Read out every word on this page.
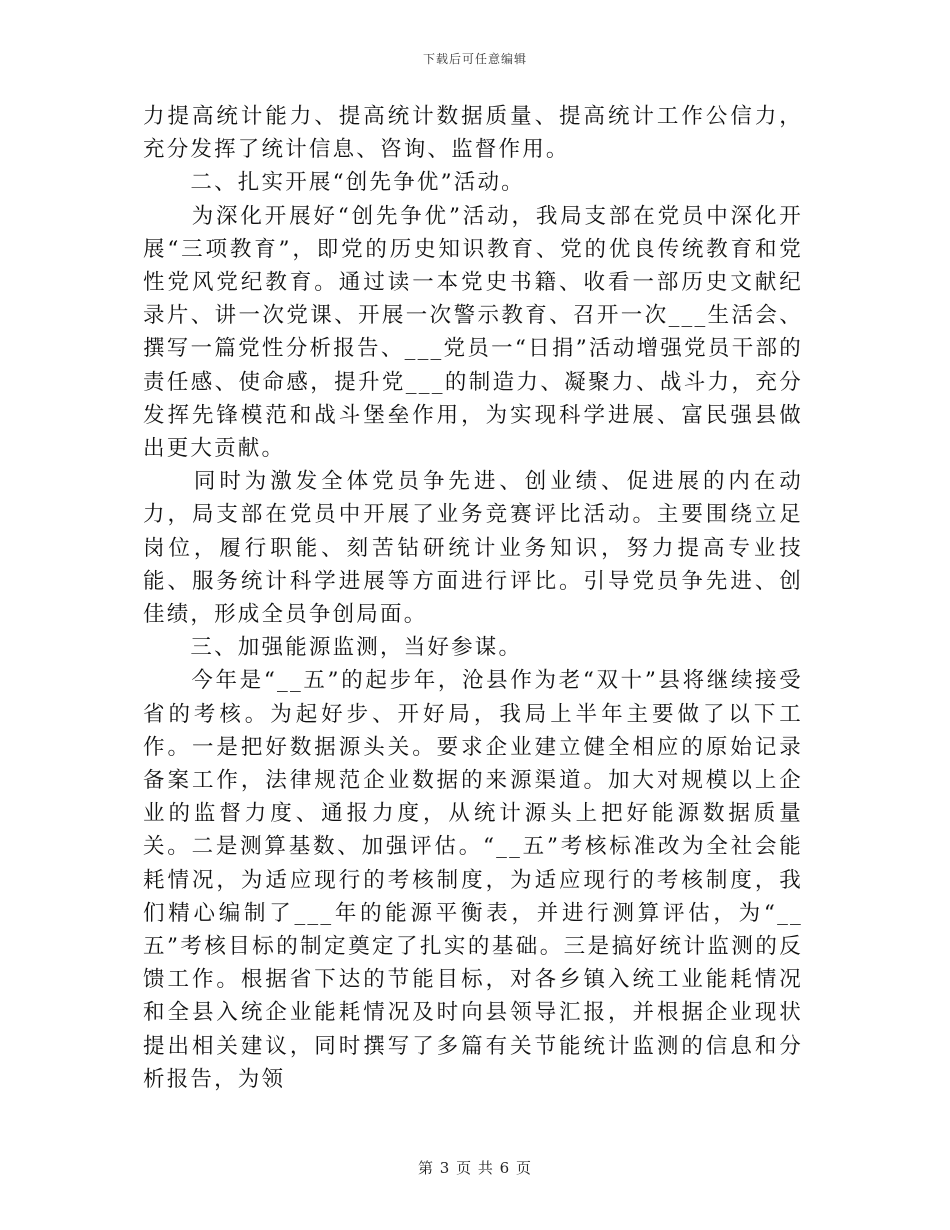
下载后可任意编辑

力提高统计能力、提高统计数据质量、提高统计工作公信力，充分发挥了统计信息、咨询、监督作用。

　　二、扎实开展“创先争优”活动。

　　为深化开展好“创先争优”活动，我局支部在党员中深化开展“三项教育”，即党的历史知识教育、党的优良传统教育和党性党风党纪教育。通过读一本党史书籍、收看一部历史文献纪录片、讲一次党课、开展一次警示教育、召开一次___生活会、撰写一篇党性分析报告、___党员一“日捐”活动增强党员干部的责任感、使命感，提升党___的制造力、凝聚力、战斗力，充分发挥先锋模范和战斗堡垒作用，为实现科学进展、富民强县做出更大贡献。

　　同时为激发全体党员争先进、创业绩、促进展的内在动力，局支部在党员中开展了业务竞赛评比活动。主要围绕立足岗位，履行职能、刻苦钻研统计业务知识，努力提高专业技能、服务统计科学进展等方面进行评比。引导党员争先进、创佳绩，形成全员争创局面。

　　三、加强能源监测，当好参谋。

　　今年是“__五”的起步年，沧县作为老“双十”县将继续接受省的考核。为起好步、开好局，我局上半年主要做了以下工作。一是把好数据源头关。要求企业建立健全相应的原始记录备案工作，法律规范企业数据的来源渠道。加大对规模以上企业的监督力度、通报力度，从统计源头上把好能源数据质量关。二是测算基数、加强评估。“__五”考核标准改为全社会能耗情况，为适应现行的考核制度，为适应现行的考核制度，我们精心编制了___年的能源平衡表，并进行测算评估，为“__五”考核目标的制定奠定了扎实的基础。三是搞好统计监测的反馈工作。根据省下达的节能目标，对各乡镇入统工业能耗情况和全县入统企业能耗情况及时向县领导汇报，并根据企业现状提出相关建议，同时撰写了多篇有关节能统计监测的信息和分析报告，为领

第 3 页 共 6 页
